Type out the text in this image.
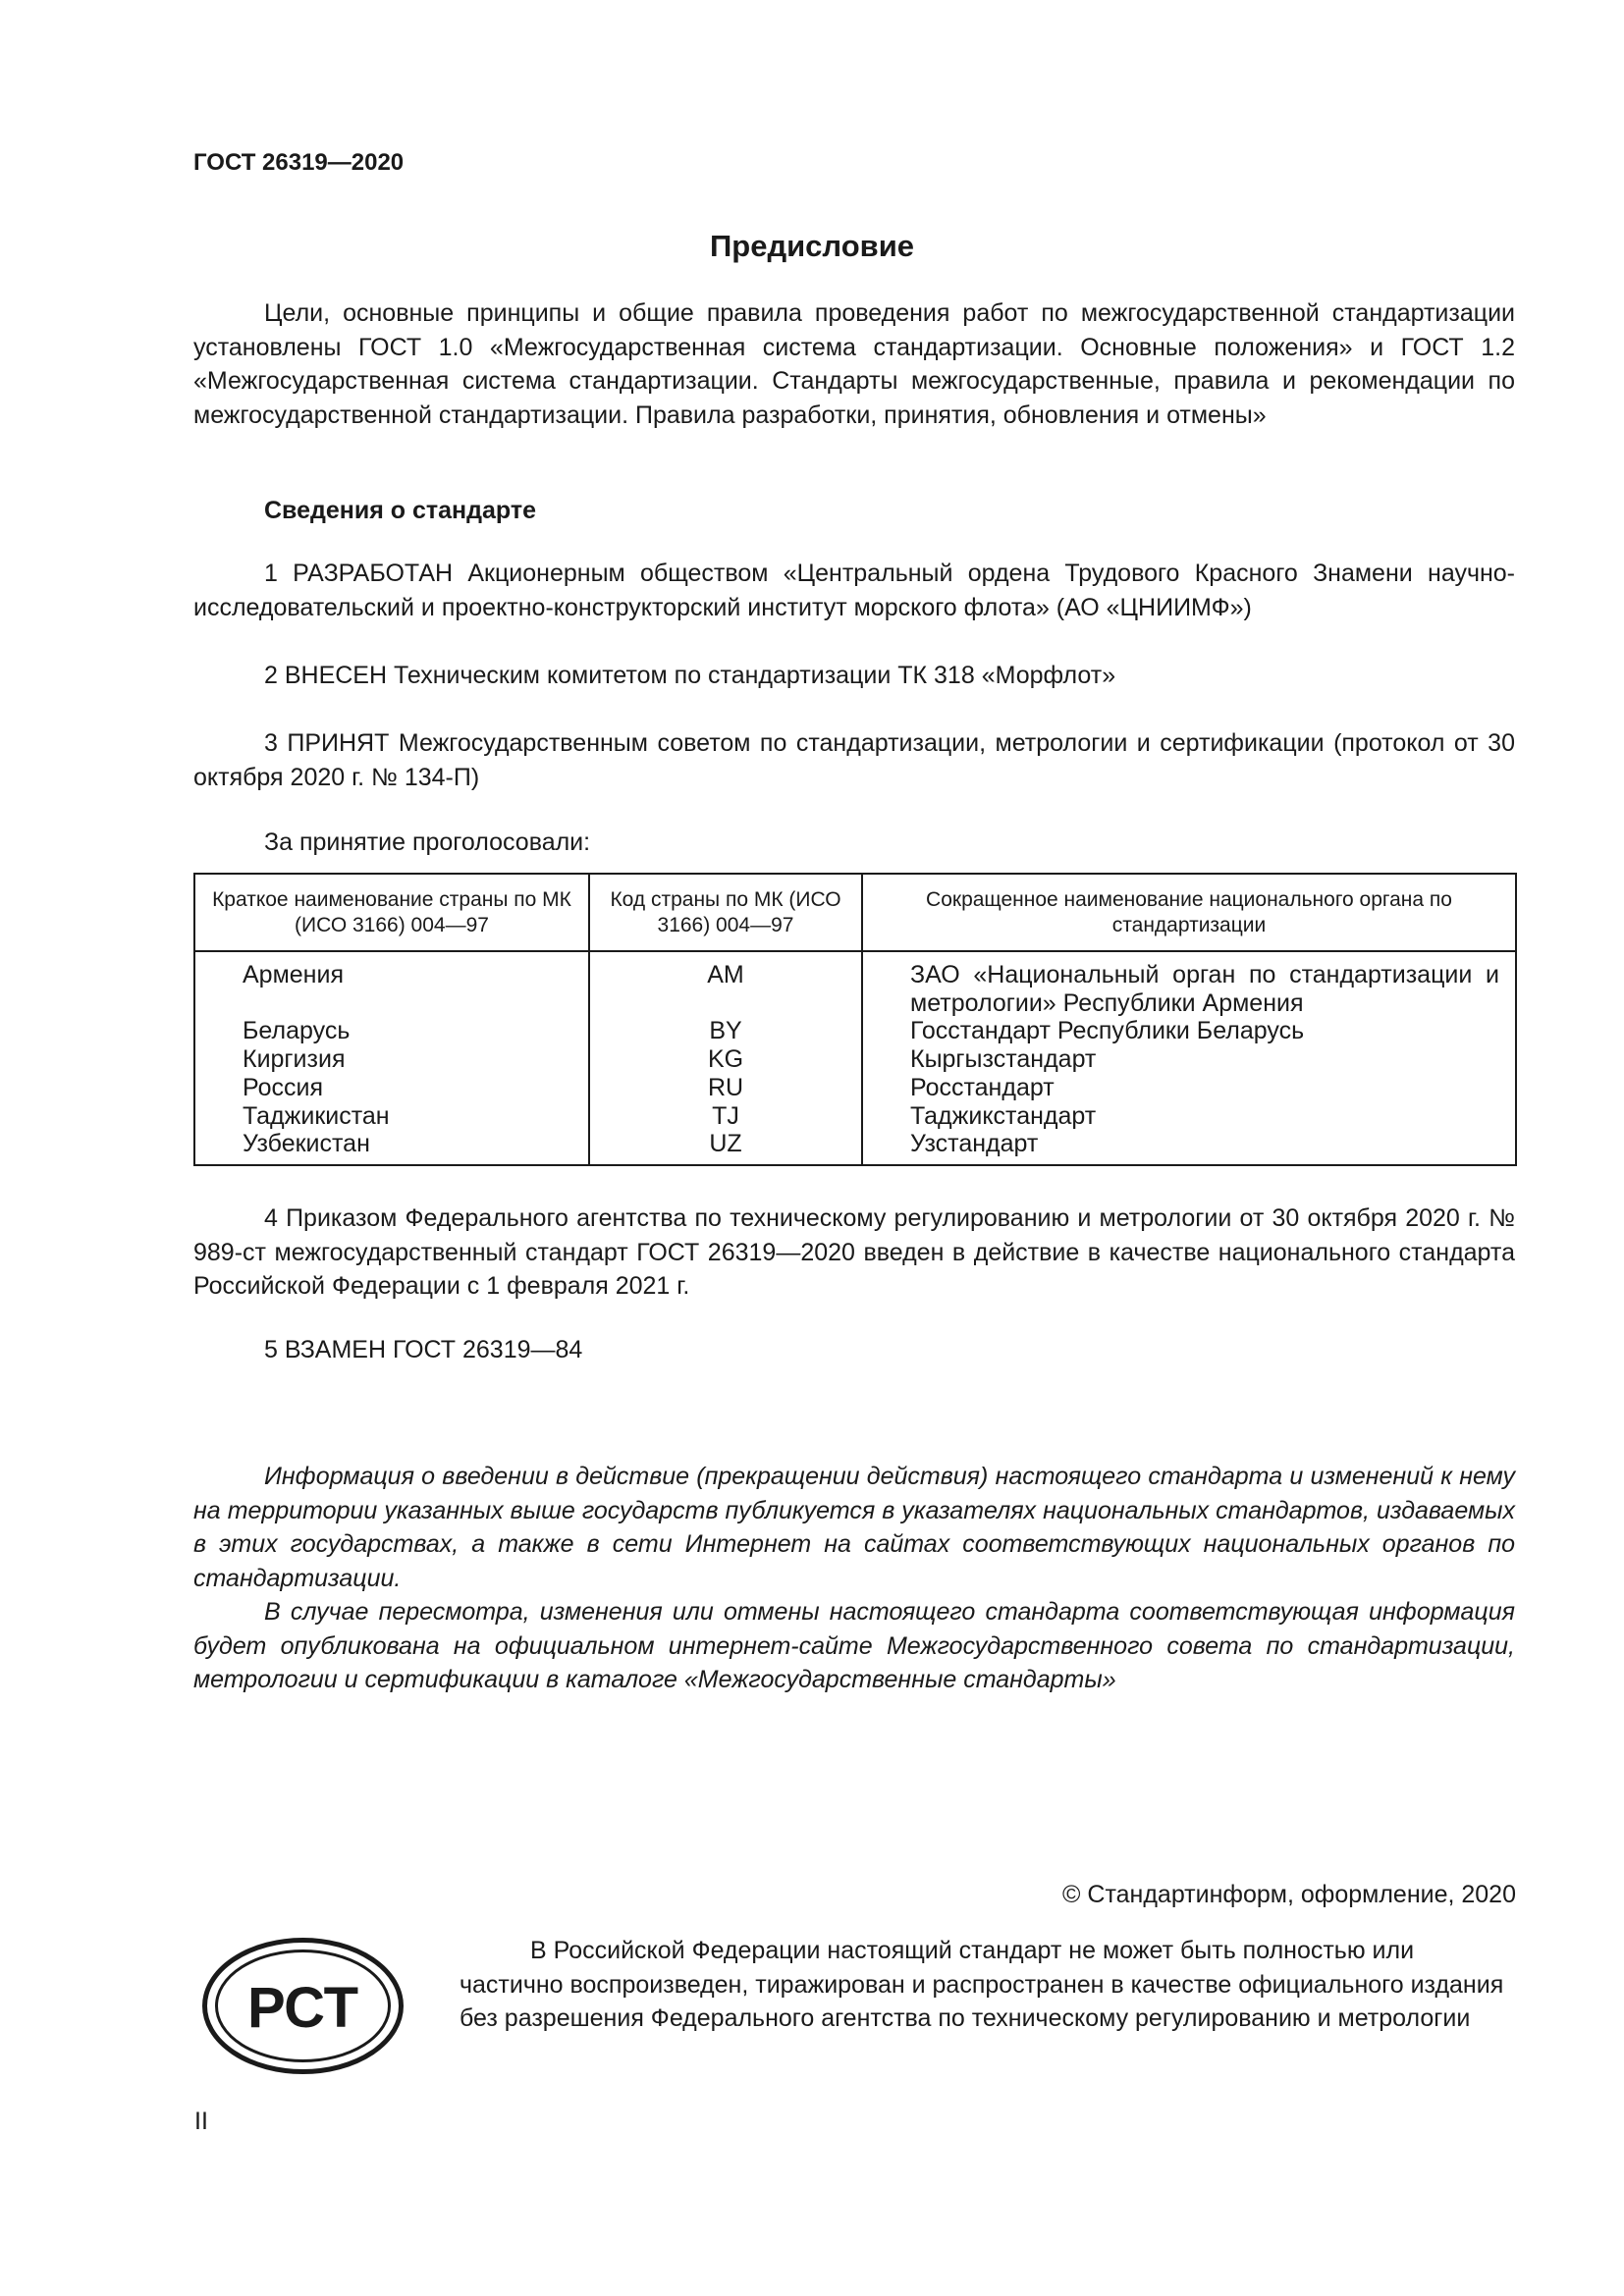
ГОСТ 26319—2020
Предисловие
Цели, основные принципы и общие правила проведения работ по межгосударственной стандартизации установлены ГОСТ 1.0 «Межгосударственная система стандартизации. Основные положения» и ГОСТ 1.2 «Межгосударственная система стандартизации. Стандарты межгосударственные, правила и рекомендации по межгосударственной стандартизации. Правила разработки, принятия, обновления и отмены»
Сведения о стандарте
1 РАЗРАБОТАН Акционерным обществом «Центральный ордена Трудового Красного Знамени научно-исследовательский и проектно-конструкторский институт морского флота» (АО «ЦНИИМФ»)
2 ВНЕСЕН Техническим комитетом по стандартизации ТК 318 «Морфлот»
3 ПРИНЯТ Межгосударственным советом по стандартизации, метрологии и сертификации (протокол от 30 октября 2020 г. № 134-П)
За принятие проголосовали:
Краткое наименование страны по МК (ИСО 3166) 004—97	Код страны по МК (ИСО 3166) 004—97	Сокращенное наименование национального органа по стандартизации
Армения	AM	ЗАО «Национальный орган по стандартизации и метрологии» Республики Армения
Беларусь	BY	Госстандарт Республики Беларусь
Киргизия	KG	Кыргызстандарт
Россия	RU	Росстандарт
Таджикистан	TJ	Таджикстандарт
Узбекистан	UZ	Узстандарт
4 Приказом Федерального агентства по техническому регулированию и метрологии от 30 октября 2020 г. № 989-ст межгосударственный стандарт ГОСТ 26319—2020 введен в действие в качестве национального стандарта Российской Федерации с 1 февраля 2021 г.
5 ВЗАМЕН ГОСТ 26319—84
Информация о введении в действие (прекращении действия) настоящего стандарта и изменений к нему на территории указанных выше государств публикуется в указателях национальных стандартов, издаваемых в этих государствах, а также в сети Интернет на сайтах соответствующих национальных органов по стандартизации.
В случае пересмотра, изменения или отмены настоящего стандарта соответствующая информация будет опубликована на официальном интернет-сайте Межгосударственного совета по стандартизации, метрологии и сертификации в каталоге «Межгосударственные стандарты»
© Стандартинформ, оформление, 2020
РСТ
В Российской Федерации настоящий стандарт не может быть полностью или частично воспроизведен, тиражирован и распространен в качестве официального издания без разрешения Федерального агентства по техническому регулированию и метрологии
II
